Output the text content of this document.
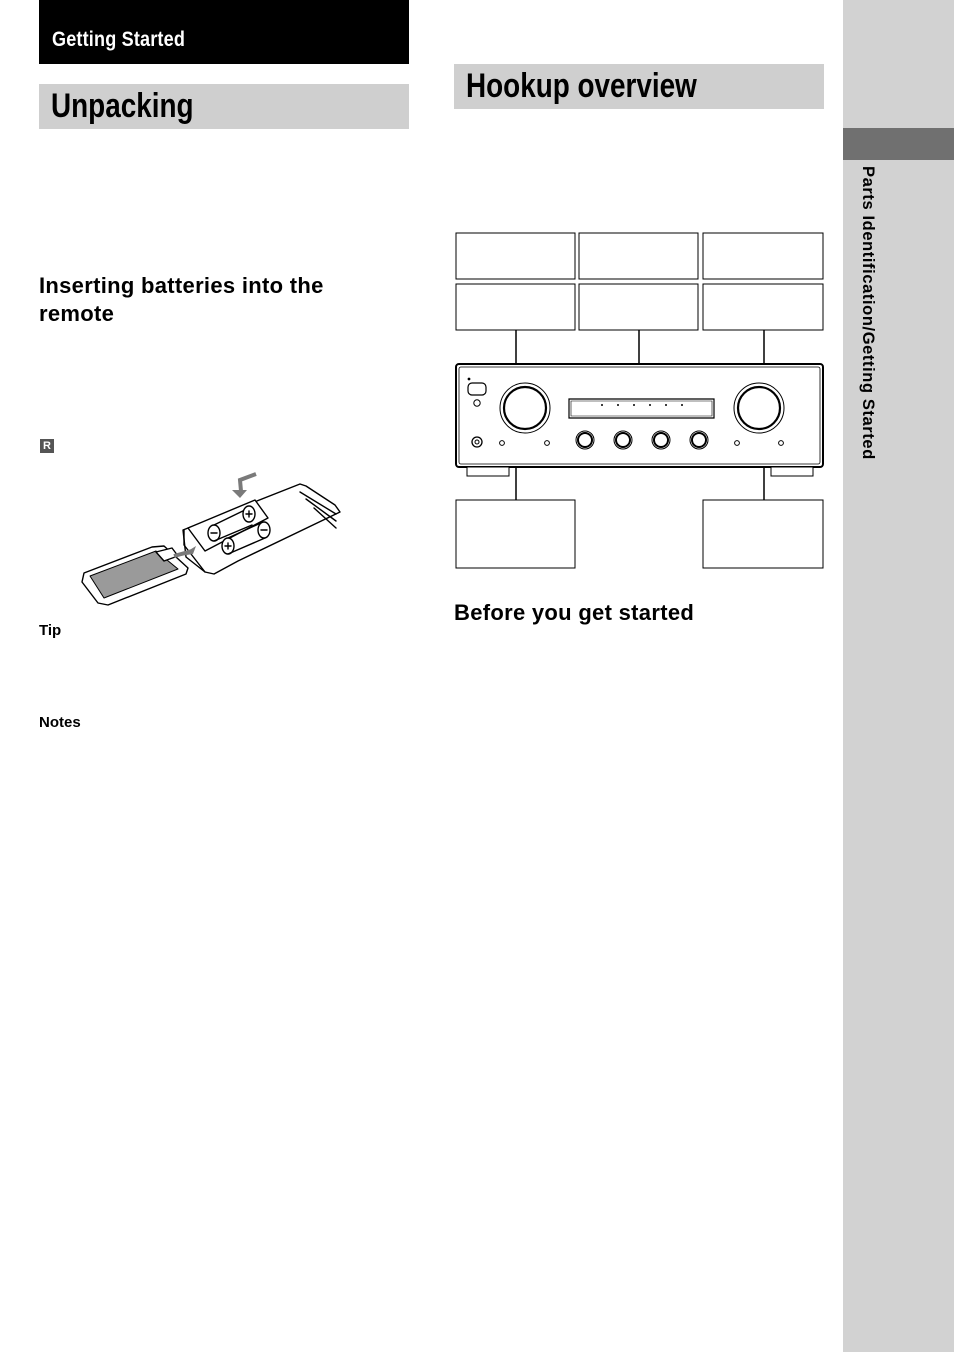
Getting Started
Unpacking
Inserting batteries into the remote
R
Tip
Notes
Hookup overview
Before you get started
Parts Identification/Getting Started
